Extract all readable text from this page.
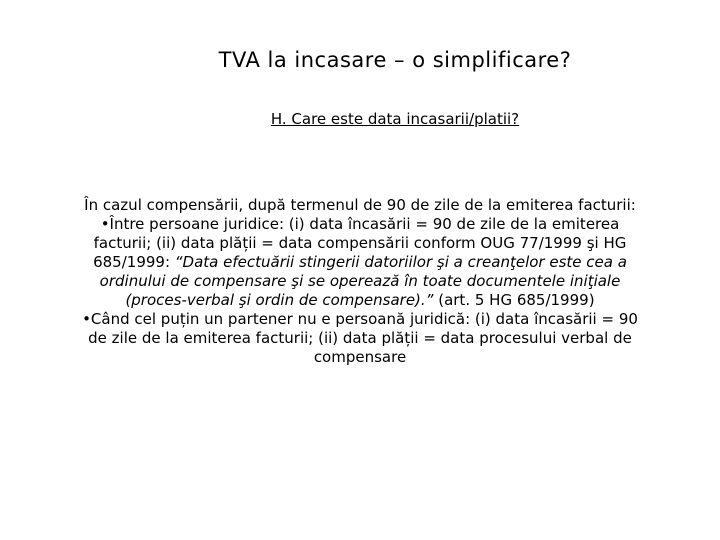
TVA la incasare – o simplificare?
H. Care este data incasarii/platii?

În cazul compensării, după termenul de 90 de zile de la emiterea facturii:

•Între persoane juridice: (i) data încasării = 90 de zile de la emiterea facturii; (ii) data plății = data compensării conform OUG 77/1999 şi HG 685/1999: “Data efectuării stingerii datoriilor şi a creanţelor este cea a ordinului de compensare şi se operează în toate documentele iniţiale (proces-verbal şi ordin de compensare).” (art. 5 HG 685/1999)

•Când cel puțin un partener nu e persoană juridică: (i) data încasării = 90 de zile de la emiterea facturii; (ii) data plății = data procesului verbal de compensare
